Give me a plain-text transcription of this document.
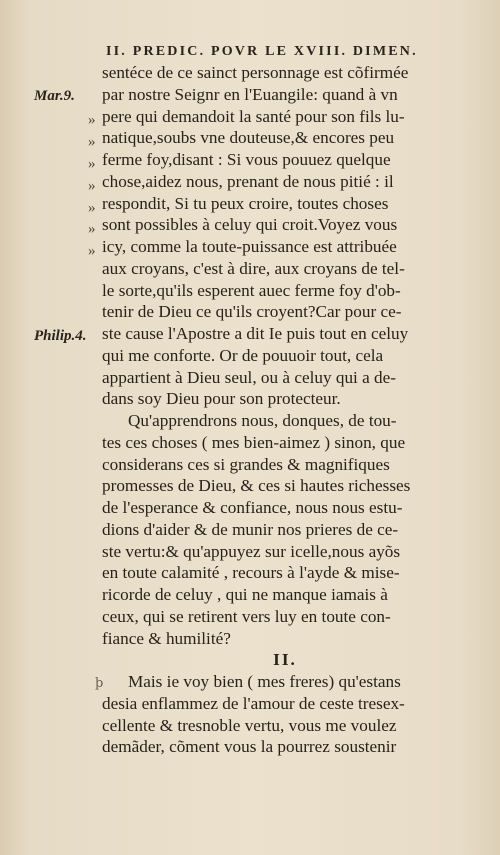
II. PREDIC. POVR LE XVIII. DIMEN.
Mar.9.
Philip.4.
»
»
»
»
»
»
»
þ
sentéce de ce sainct personnage est cõfirmée
par nostre Seignr en l'Euangile: quand à vn
pere qui demandoit la santé pour son fils lu-
natique,soubs vne douteuse,& encores peu
ferme foy,disant : Si vous pouuez quelque
chose,aidez nous, prenant de nous pitié : il
respondit, Si tu peux croire, toutes choses
sont possibles à celuy qui croit.Voyez vous
icy, comme la toute-puissance est attribuée
aux croyans, c'est à dire, aux croyans de tel-
le sorte,qu'ils esperent auec ferme foy d'ob-
tenir de Dieu ce qu'ils croyent?Car pour ce-
ste cause l'Apostre a dit Ie puis tout en celuy
qui me conforte. Or de pouuoir tout, cela
appartient à Dieu seul, ou à celuy qui a de-
dans soy Dieu pour son protecteur.
Qu'apprendrons nous, donques, de tou-
tes ces choses ( mes bien-aimez ) sinon, que
considerans ces si grandes & magnifiques
promesses de Dieu, & ces si hautes richesses
de l'esperance & confiance, nous nous estu-
dions d'aider & de munir nos prieres de ce-
ste vertu:& qu'appuyez sur icelle,nous ayõs
en toute calamité , recours à l'ayde & mise-
ricorde de celuy , qui ne manque iamais à
ceux, qui se retirent vers luy en toute con-
fiance & humilité?
II.
Mais ie voy bien ( mes freres) qu'estans
desia enflammez de l'amour de ceste tresex-
cellente & tresnoble vertu, vous me voulez
demãder, cõment vous la pourrez soustenir
